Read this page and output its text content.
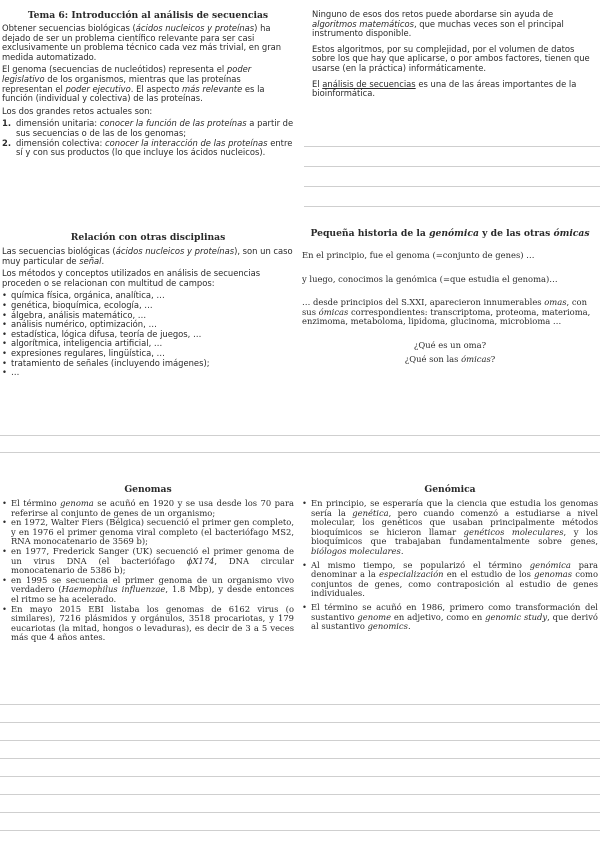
Tema 6: Introducción al análisis de secuencias

Obtener secuencias biológicas (ácidos nucleicos y proteínas) ha dejado de ser un problema científico relevante para ser casi exclusivamente un problema técnico cada vez más trivial, en gran medida automatizado.

El genoma (secuencias de nucleótidos) representa el poder legislativo de los organismos, mientras que las proteínas representan el poder ejecutivo. El aspecto más relevante es la función (individual y colectiva) de las proteínas.

Los dos grandes retos actuales son:

1. dimensión unitaria: conocer la función de las proteínas a partir de sus secuencias o de las de los genomas;
2. dimensión colectiva: conocer la interacción de las proteínas entre sí y con sus productos (lo que incluye los ácidos nucleicos).

Ninguno de esos dos retos puede abordarse sin ayuda de algoritmos matemáticos, que muchas veces son el principal instrumento disponible.

Estos algoritmos, por su complejidad, por el volumen de datos sobre los que hay que aplicarse, o por ambos factores, tienen que usarse (en la práctica) informáticamente.

El análisis de secuencias es una de las áreas importantes de la bioinformática.

Relación con otras disciplinas

Las secuencias biológicas (ácidos nucleicos y proteínas), son un caso muy particular de señal.

Los métodos y conceptos utilizados en análisis de secuencias proceden o se relacionan con multitud de campos:

• química física, orgánica, analítica, …
• genética, bioquímica, ecología, …
• álgebra, análisis matemático, …
• análisis numérico, optimización, …
• estadística, lógica difusa, teoría de juegos, …
• algorítmica, inteligencia artificial, …
• expresiones regulares, lingüística, …
• tratamiento de señales (incluyendo imágenes);
• …
Pequeña historia de la genómica y de las otras ómicas

En el principio, fue el genoma (=conjunto de genes) …

y luego, conocimos la genómica (=que estudia el genoma)…

… desde principios del S.XXI, aparecieron innumerables omas, con sus ómicas correspondientes: transcriptoma, proteoma, materioma, enzimoma, metaboloma, lipidoma, glucinoma, microbioma …

¿Qué es un oma?

¿Qué son las ómicas?

Genomas
• El término genoma se acuñó en 1920 y se usa desde los 70 para referirse al conjunto de genes de un organismo;
• en 1972, Walter Fiers (Bélgica) secuenció el primer gen completo, y en 1976 el primer genoma viral completo (el bacteriófago MS2, RNA monocatenario de 3569 b);
• en 1977, Frederick Sanger (UK) secuenció el primer genoma de un virus DNA (el bacteriófago ϕX174, DNA circular monocatenario de 5386 b);
• en 1995 se secuencia el primer genoma de un organismo vivo verdadero (Haemophilus influenzae, 1.8 Mbp), y desde entonces el ritmo se ha acelerado.
• En mayo 2015 EBI listaba los genomas de 6162 virus (o similares), 7216 plásmidos y orgánulos, 3518 procariotas, y 179 eucariotas (la mitad, hongos o levaduras), es decir de 3 a 5 veces más que 4 años antes.
Genómica
• En principio, se esperaría que la ciencia que estudia los genomas sería la genética, pero cuando comenzó a estudiarse a nivel molecular, los genéticos que usaban principalmente métodos bioquímicos se hicieron llamar genéticos moleculares, y los bioquímicos que trabajaban fundamentalmente sobre genes, biólogos moleculares.
• Al mismo tiempo, se popularizó el término genómica para denominar a la especialización en el estudio de los genomas como conjuntos de genes, como contraposición al estudio de genes individuales.
• El término se acuñó en 1986, primero como transformación del sustantivo genome en adjetivo, como en genomic study, que derivó al sustantivo genomics.
